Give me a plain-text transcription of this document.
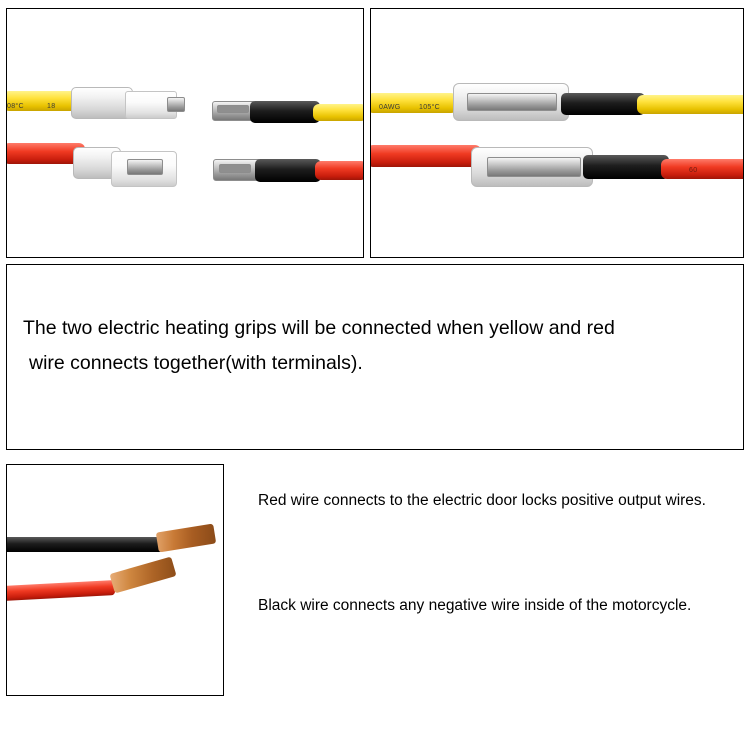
08°C	18	0AWG	105°C
60

The two electric heating grips will be connected when yellow and red

wire connects together(with terminals).

Red wire connects to the electric door locks positive output wires.

Black wire connects any negative wire inside of the motorcycle.
